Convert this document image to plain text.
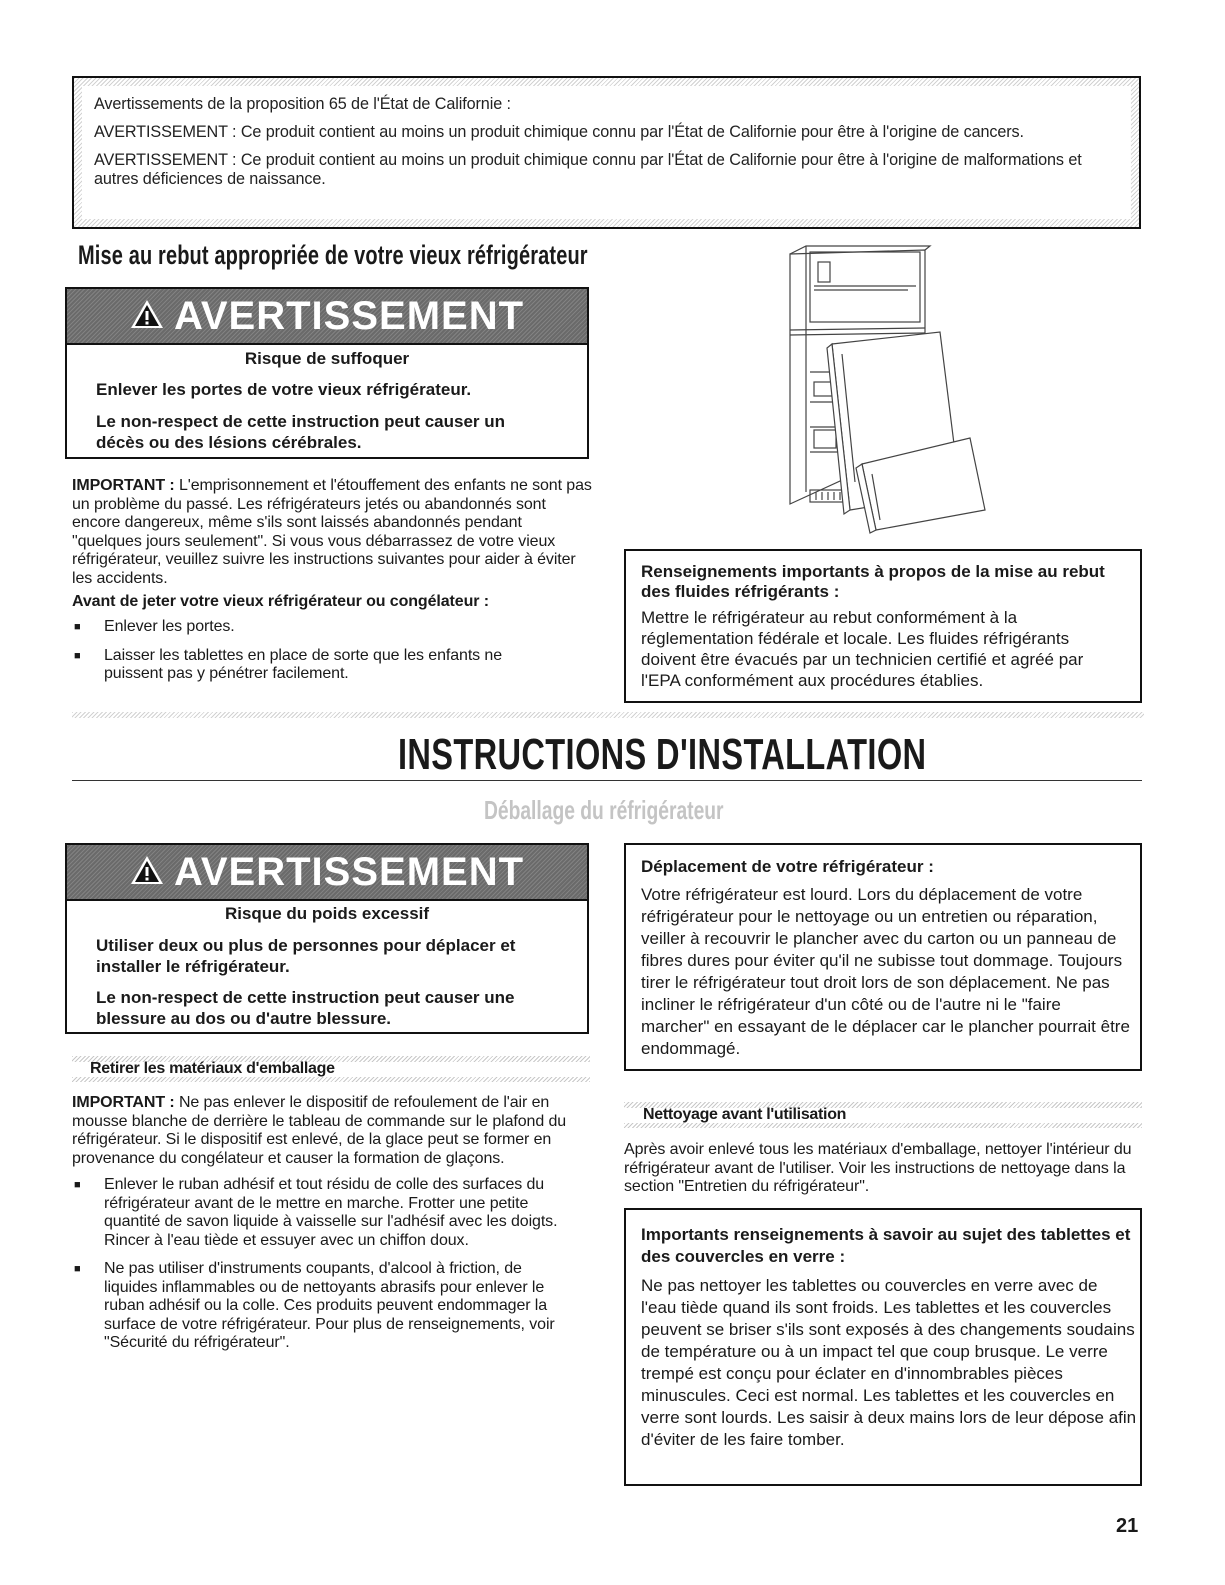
Avertissements de la proposition 65 de l'État de Californie :

AVERTISSEMENT : Ce produit contient au moins un produit chimique connu par l'État de Californie pour être à l'origine de cancers.

AVERTISSEMENT : Ce produit contient au moins un produit chimique connu par l'État de Californie pour être à l'origine de malformations et autres déficiences de naissance.

Mise au rebut appropriée de votre vieux réfrigérateur
AVERTISSEMENT

Risque de suffoquer

Enlever les portes de votre vieux réfrigérateur.

Le non-respect de cette instruction peut causer un décès ou des lésions cérébrales.

IMPORTANT : L'emprisonnement et l'étouffement des enfants ne sont pas un problème du passé. Les réfrigérateurs jetés ou abandonnés sont encore dangereux, même s'ils sont laissés abandonnés pendant "quelques jours seulement". Si vous vous débarrassez de votre vieux réfrigérateur, veuillez suivre les instructions suivantes pour aider à éviter les accidents.

Avant de jeter votre vieux réfrigérateur ou congélateur :

■	Enlever les portes.
■	Laisser les tablettes en place de sorte que les enfants ne puissent pas y pénétrer facilement.

Renseignements importants à propos de la mise au rebut des fluides réfrigérants :

Mettre le réfrigérateur au rebut conformément à la réglementation fédérale et locale. Les fluides réfrigérants doivent être évacués par un technicien certifié et agréé par l'EPA conformément aux procédures établies.

INSTRUCTIONS D'INSTALLATION
Déballage du réfrigérateur
AVERTISSEMENT

Risque du poids excessif

Utiliser deux ou plus de personnes pour déplacer et installer le réfrigérateur.

Le non-respect de cette instruction peut causer une blessure au dos ou d'autre blessure.

Retirer les matériaux d'emballage

IMPORTANT : Ne pas enlever le dispositif de refoulement de l'air en mousse blanche de derrière le tableau de commande sur le plafond du réfrigérateur. Si le dispositif est enlevé, de la glace peut se former en provenance du congélateur et causer la formation de glaçons.

■	Enlever le ruban adhésif et tout résidu de colle des surfaces du réfrigérateur avant de le mettre en marche. Frotter une petite quantité de savon liquide à vaisselle sur l'adhésif avec les doigts. Rincer à l'eau tiède et essuyer avec un chiffon doux.
■	Ne pas utiliser d'instruments coupants, d'alcool à friction, de liquides inflammables ou de nettoyants abrasifs pour enlever le ruban adhésif ou la colle. Ces produits peuvent endommager la surface de votre réfrigérateur. Pour plus de renseignements, voir "Sécurité du réfrigérateur".

Déplacement de votre réfrigérateur :

Votre réfrigérateur est lourd. Lors du déplacement de votre réfrigérateur pour le nettoyage ou un entretien ou réparation, veiller à recouvrir le plancher avec du carton ou un panneau de fibres dures pour éviter qu'il ne subisse tout dommage. Toujours tirer le réfrigérateur tout droit lors de son déplacement. Ne pas incliner le réfrigérateur d'un côté ou de l'autre ni le "faire marcher" en essayant de le déplacer car le plancher pourrait être endommagé.

Nettoyage avant l'utilisation
Après avoir enlevé tous les matériaux d'emballage, nettoyer l'intérieur du réfrigérateur avant de l'utiliser. Voir les instructions de nettoyage dans la section "Entretien du réfrigérateur".

Importants renseignements à savoir au sujet des tablettes et des couvercles en verre :

Ne pas nettoyer les tablettes ou couvercles en verre avec de l'eau tiède quand ils sont froids. Les tablettes et les couvercles peuvent se briser s'ils sont exposés à des changements soudains de température ou à un impact tel que coup brusque. Le verre trempé est conçu pour éclater en d'innombrables pièces minuscules. Ceci est normal. Les tablettes et les couvercles en verre sont lourds. Les saisir à deux mains lors de leur dépose afin d'éviter de les faire tomber.

21
